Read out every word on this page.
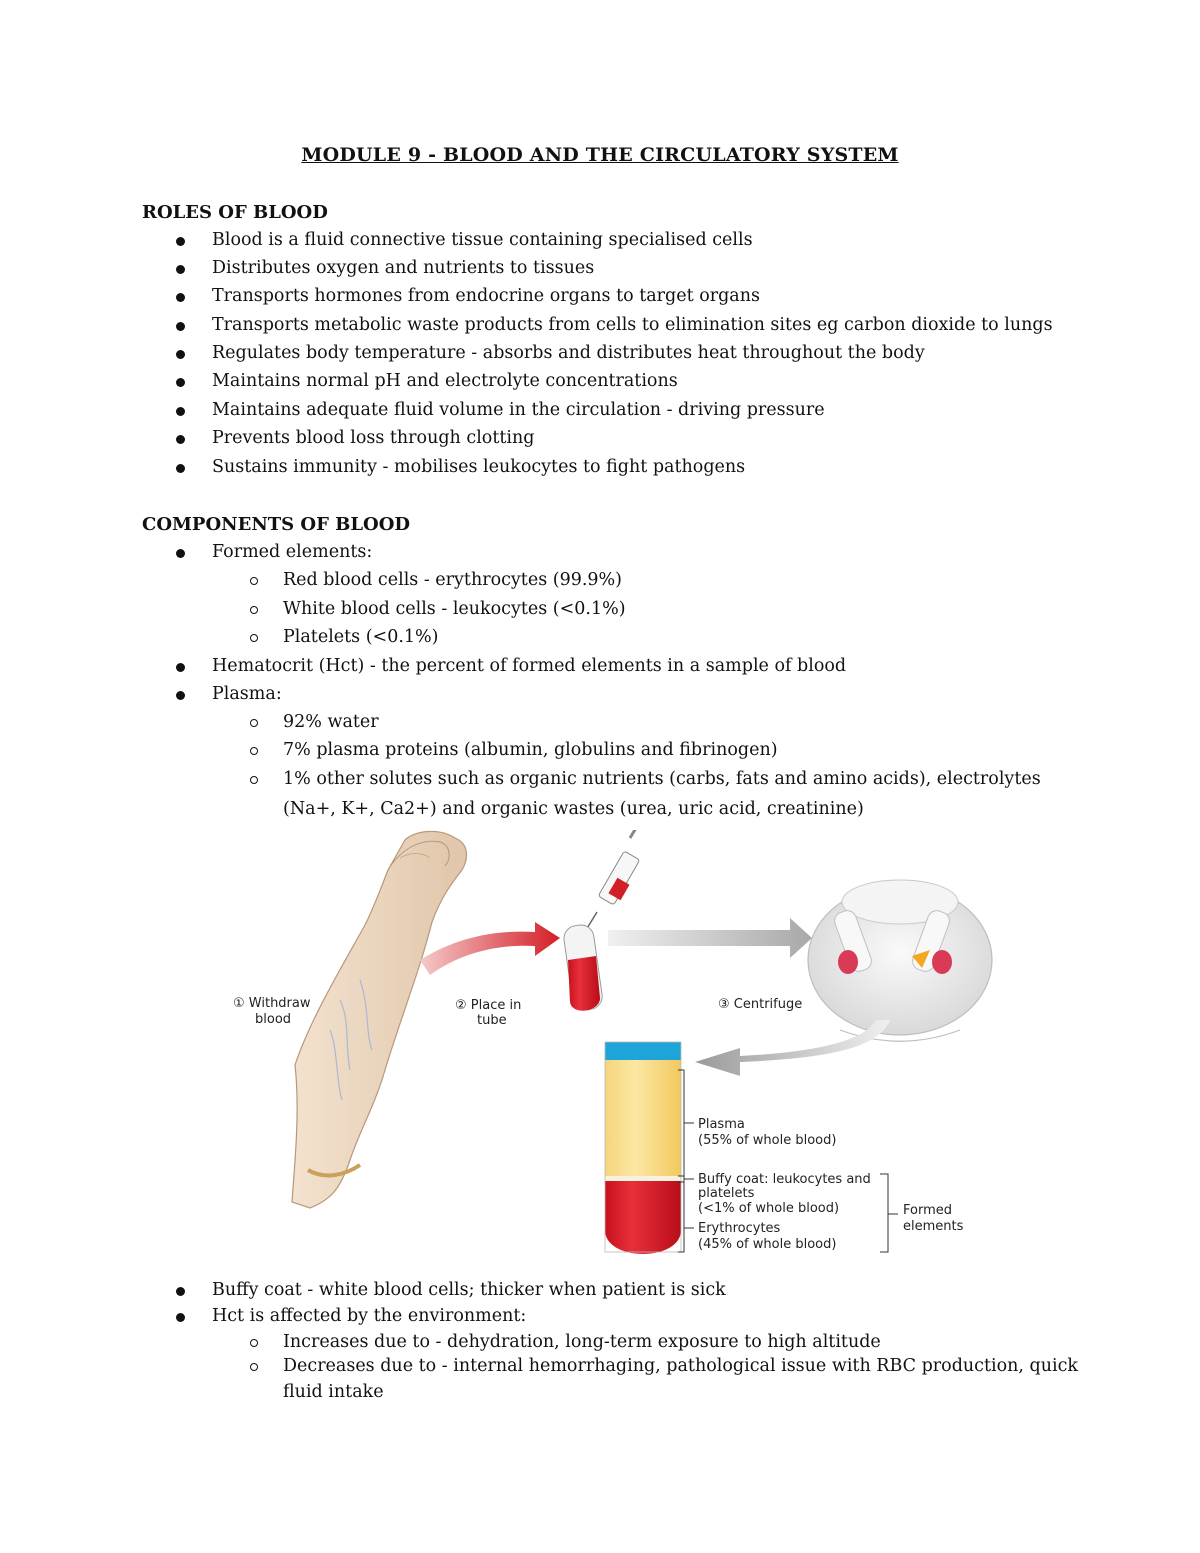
MODULE 9 - BLOOD AND THE CIRCULATORY SYSTEM
ROLES OF BLOOD
Blood is a fluid connective tissue containing specialised cells
Distributes oxygen and nutrients to tissues
Transports hormones from endocrine organs to target organs
Transports metabolic waste products from cells to elimination sites eg carbon dioxide to lungs
Regulates body temperature - absorbs and distributes heat throughout the body
Maintains normal pH and electrolyte concentrations
Maintains adequate fluid volume in the circulation - driving pressure
Prevents blood loss through clotting
Sustains immunity - mobilises leukocytes to fight pathogens
COMPONENTS OF BLOOD
Formed elements:
Red blood cells - erythrocytes (99.9%)
White blood cells - leukocytes (<0.1%)
Platelets (<0.1%)
Hematocrit (Hct) - the percent of formed elements in a sample of blood
Plasma:
92% water
7% plasma proteins (albumin, globulins and fibrinogen)
1% other solutes such as organic nutrients (carbs, fats and amino acids), electrolytes
(Na+, K+, Ca2+) and organic wastes (urea, uric acid, creatinine)
① Withdraw
blood
② Place in
tube
③ Centrifuge
Plasma
(55% of whole blood)
Buffy coat: leukocytes and
platelets
(<1% of whole blood)
Erythrocytes
(45% of whole blood)
Formed
elements
Buffy coat - white blood cells; thicker when patient is sick
Hct is affected by the environment:
Increases due to - dehydration, long-term exposure to high altitude
Decreases due to - internal hemorrhaging, pathological issue with RBC production, quick
fluid intake
